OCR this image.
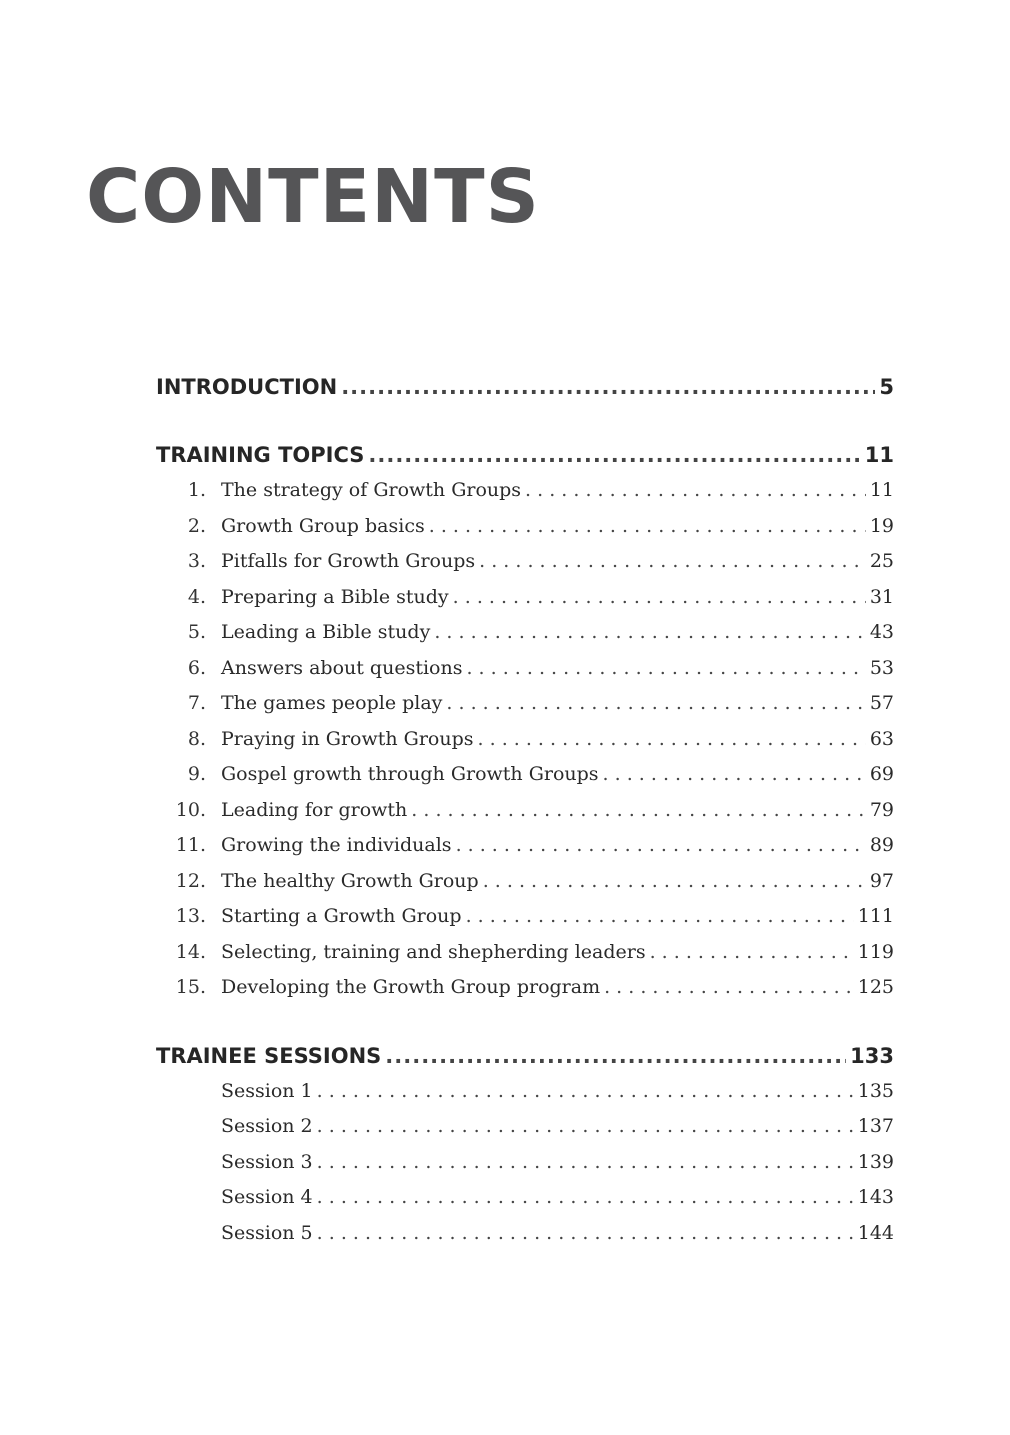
CONTENTS
INTRODUCTION .....	5
TRAINING TOPICS .....	11
1. The strategy of Growth Groups . . .	11
2. Growth Group basics . . .	19
3. Pitfalls for Growth Groups . . .	25
4. Preparing a Bible study . . .	31
5. Leading a Bible study . . .	43
6. Answers about questions . . .	53
7. The games people play . . .	57
8. Praying in Growth Groups . . .	63
9. Gospel growth through Growth Groups . . .	69
10. Leading for growth . . .	79
11. Growing the individuals . . .	89
12. The healthy Growth Group . . .	97
13. Starting a Growth Group . . .	111
14. Selecting, training and shepherding leaders . . .	119
15. Developing the Growth Group program . . .	125
TRAINEE SESSIONS .....	133
Session 1 . . .	135
Session 2 . . .	137
Session 3 . . .	139
Session 4 . . .	143
Session 5 . . .	144
